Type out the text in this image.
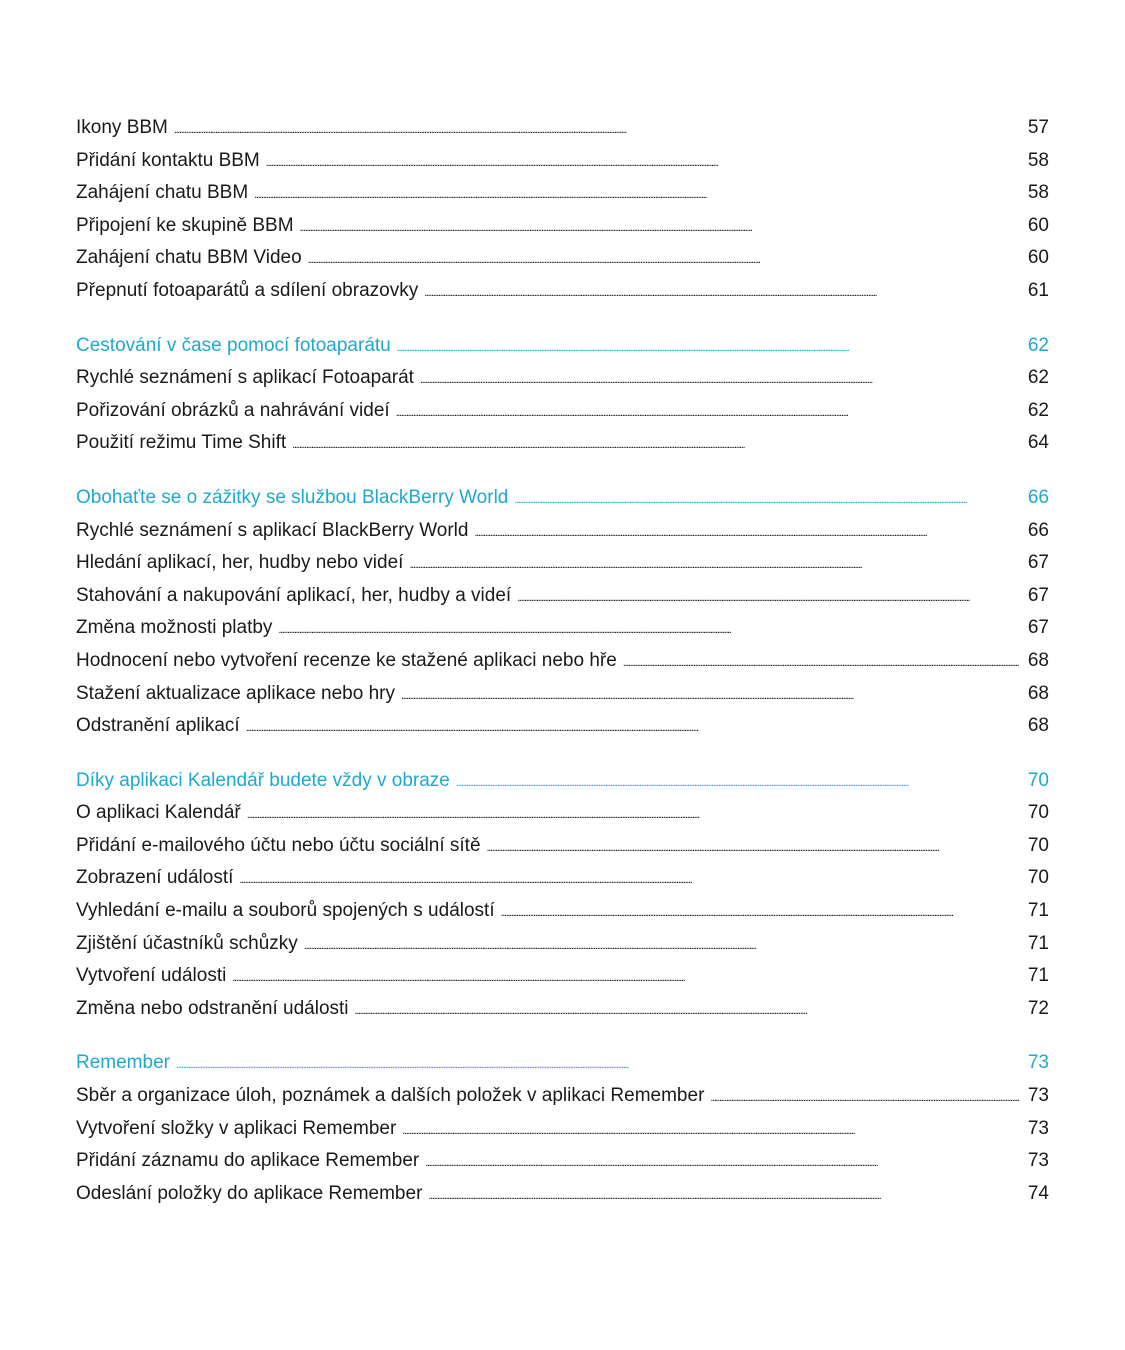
Ikony BBM . . .	57
Přidání kontaktu BBM . . .	58
Zahájení chatu BBM . . .	58
Připojení ke skupině BBM . . .	60
Zahájení chatu BBM Video . . .	60
Přepnutí fotoaparátů a sdílení obrazovky . . .	61
Cestování v čase pomocí fotoaparátu . . .	62
Rychlé seznámení s aplikací Fotoaparát . . .	62
Pořizování obrázků a nahrávání videí . . .	62
Použití režimu Time Shift . . .	64
Obohaťte se o zážitky se službou BlackBerry World . . .	66
Rychlé seznámení s aplikací BlackBerry World . . .	66
Hledání aplikací, her, hudby nebo videí . . .	67
Stahování a nakupování aplikací, her, hudby a videí . . .	67
Změna možnosti platby . . .	67
Hodnocení nebo vytvoření recenze ke stažené aplikaci nebo hře . . .	68
Stažení aktualizace aplikace nebo hry . . .	68
Odstranění aplikací . . .	68
Díky aplikaci Kalendář budete vždy v obraze . . .	70
O aplikaci Kalendář . . .	70
Přidání e-mailového účtu nebo účtu sociální sítě . . .	70
Zobrazení událostí . . .	70
Vyhledání e-mailu a souborů spojených s událostí . . .	71
Zjištění účastníků schůzky . . .	71
Vytvoření události . . .	71
Změna nebo odstranění události . . .	72
Remember . . .	73
Sběr a organizace úloh, poznámek a dalších položek v aplikaci Remember . . .	73
Vytvoření složky v aplikaci Remember . . .	73
Přidání záznamu do aplikace Remember . . .	73
Odeslání položky do aplikace Remember . . .	74
